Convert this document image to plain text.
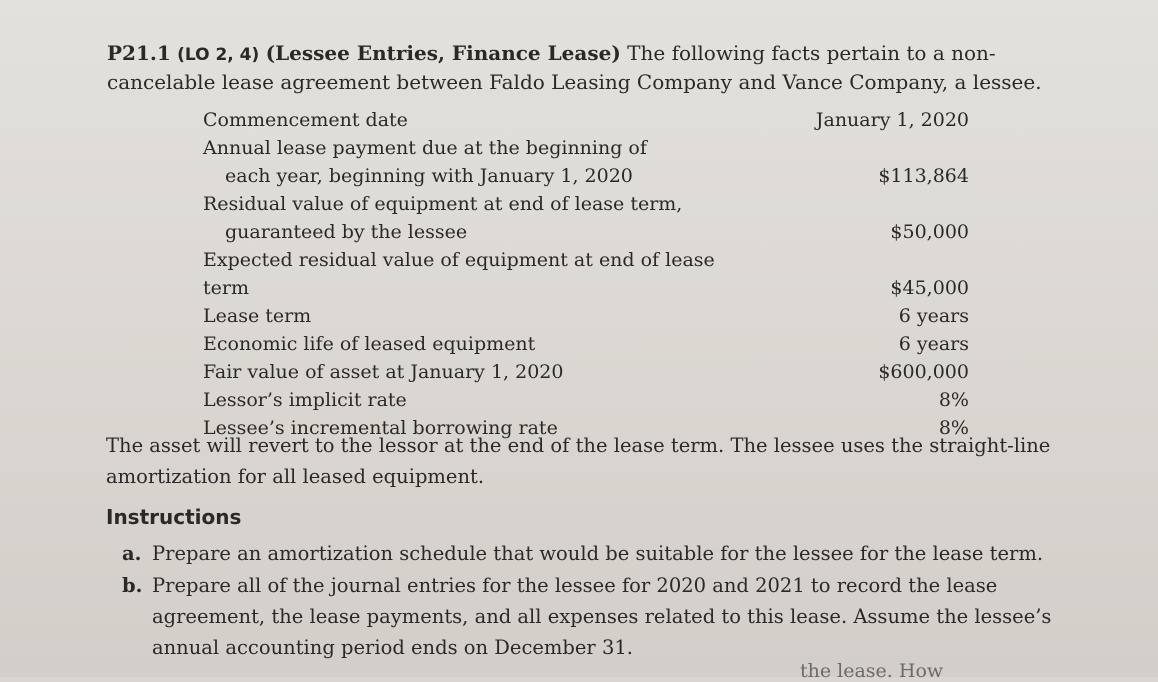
P21.1 (LO 2, 4) (Lessee Entries, Finance Lease) The following facts pertain to a non-cancelable lease agreement between Faldo Leasing Company and Vance Company, a lessee.
Commencement date	January 1, 2020
Annual lease payment due at the beginning of
each year, beginning with January 1, 2020	$113,864
Residual value of equipment at end of lease term,
guaranteed by the lessee	$50,000
Expected residual value of equipment at end of lease term	$45,000
Lease term	6 years
Economic life of leased equipment	6 years
Fair value of asset at January 1, 2020	$600,000
Lessor’s implicit rate	8%
Lessee’s incremental borrowing rate	8%

The asset will revert to the lessor at the end of the lease term. The lessee uses the straight-line amortization for all leased equipment.

Instructions
a. Prepare an amortization schedule that would be suitable for the lessee for the lease term.
b. Prepare all of the journal entries for the lessee for 2020 and 2021 to record the lease agreement, the lease payments, and all expenses related to this lease. Assume the lessee’s annual accounting period ends on December 31.
the lease. How
